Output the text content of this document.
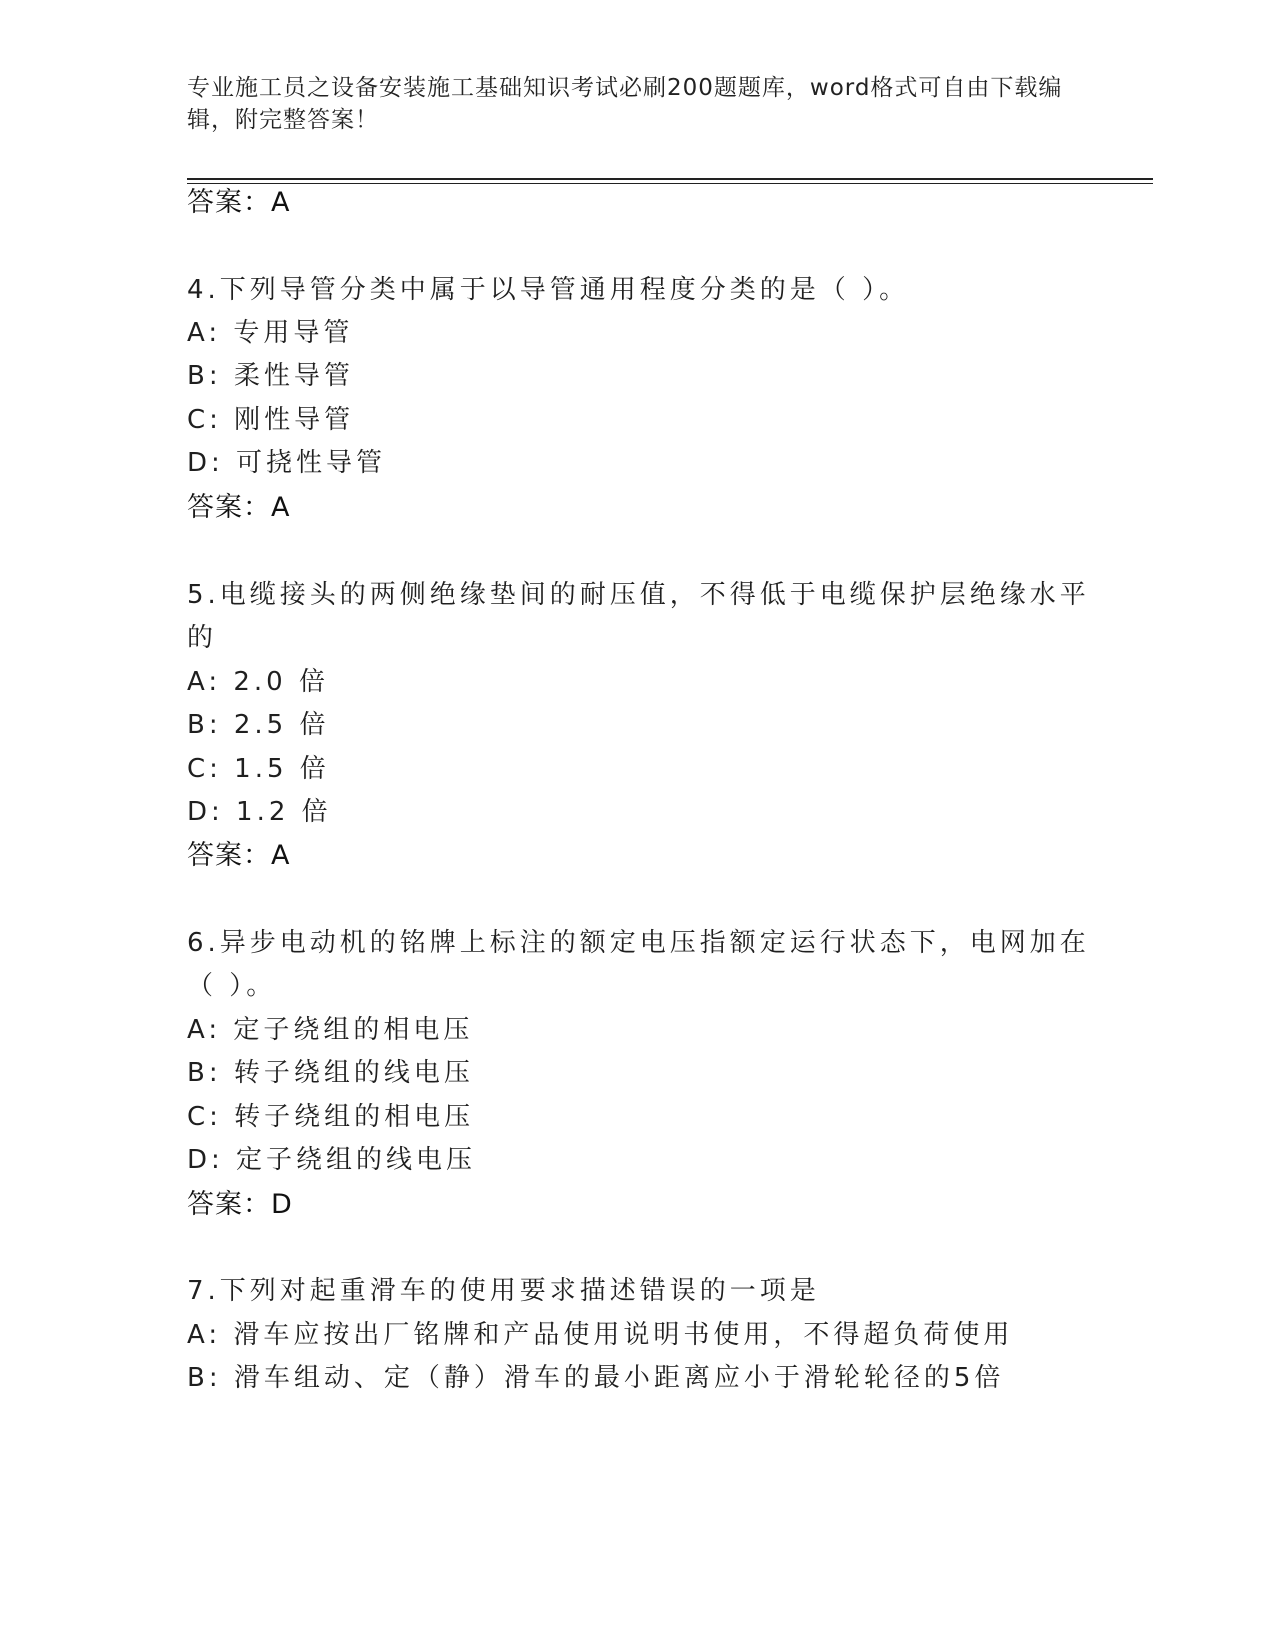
专业施工员之设备安装施工基础知识考试必刷200题题库，word格式可自由下载编辑，附完整答案！
答案：A
4.下列导管分类中属于以导管通用程度分类的是（ ）。
A: 专用导管
B: 柔性导管
C: 刚性导管
D: 可挠性导管
答案：A
5.电缆接头的两侧绝缘垫间的耐压值，不得低于电缆保护层绝缘水平
的
A: 2.0 倍
B: 2.5 倍
C: 1.5 倍
D: 1.2 倍
答案：A
6.异步电动机的铭牌上标注的额定电压指额定运行状态下，电网加在
（ ）。
A: 定子绕组的相电压
B: 转子绕组的线电压
C: 转子绕组的相电压
D: 定子绕组的线电压
答案：D
7.下列对起重滑车的使用要求描述错误的一项是
A: 滑车应按出厂铭牌和产品使用说明书使用，不得超负荷使用
B: 滑车组动、定（静）滑车的最小距离应小于滑轮轮径的5倍
